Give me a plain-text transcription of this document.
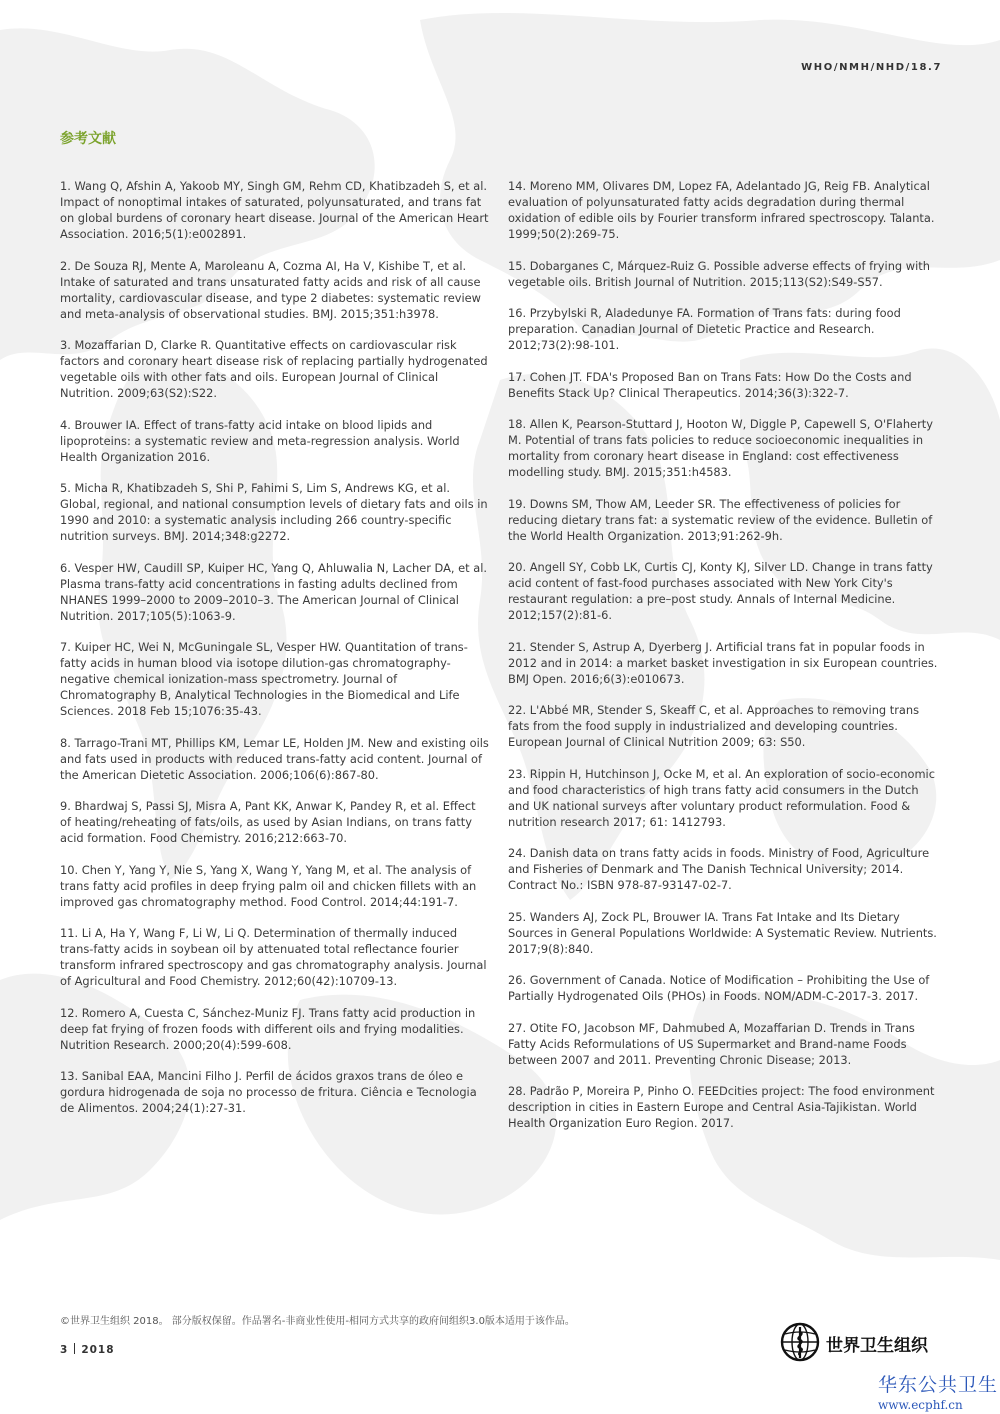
WHO/NMH/NHD/18.7
参考文献

1. Wang Q, Afshin A, Yakoob MY, Singh GM, Rehm CD, Khatibzadeh S, et al. Impact of nonoptimal intakes of saturated, polyunsaturated, and trans fat on global burdens of coronary heart disease. Journal of the American Heart Association. 2016;5(1):e002891.

2. De Souza RJ, Mente A, Maroleanu A, Cozma AI, Ha V, Kishibe T, et al. Intake of saturated and trans unsaturated fatty acids and risk of all cause mortality, cardiovascular disease, and type 2 diabetes: systematic review and meta-analysis of observational studies. BMJ. 2015;351:h3978.

3. Mozaffarian D, Clarke R. Quantitative effects on cardiovascular risk factors and coronary heart disease risk of replacing partially hydrogenated vegetable oils with other fats and oils. European Journal of Clinical Nutrition. 2009;63(S2):S22.

4. Brouwer IA. Effect of trans-fatty acid intake on blood lipids and lipoproteins: a systematic review and meta-regression analysis. World Health Organization 2016.

5. Micha R, Khatibzadeh S, Shi P, Fahimi S, Lim S, Andrews KG, et al. Global, regional, and national consumption levels of dietary fats and oils in 1990 and 2010: a systematic analysis including 266 country-specific nutrition surveys. BMJ. 2014;348:g2272.

6. Vesper HW, Caudill SP, Kuiper HC, Yang Q, Ahluwalia N, Lacher DA, et al. Plasma trans-fatty acid concentrations in fasting adults declined from NHANES 1999–2000 to 2009–2010–3. The American Journal of Clinical Nutrition. 2017;105(5):1063-9.

7. Kuiper HC, Wei N, McGuningale SL, Vesper HW. Quantitation of trans-fatty acids in human blood via isotope dilution-gas chromatography-negative chemical ionization-mass spectrometry. Journal of Chromatography B, Analytical Technologies in the Biomedical and Life Sciences. 2018 Feb 15;1076:35-43.

8. Tarrago-Trani MT, Phillips KM, Lemar LE, Holden JM. New and existing oils and fats used in products with reduced trans-fatty acid content. Journal of the American Dietetic Association. 2006;106(6):867-80.

9. Bhardwaj S, Passi SJ, Misra A, Pant KK, Anwar K, Pandey R, et al. Effect of heating/reheating of fats/oils, as used by Asian Indians, on trans fatty acid formation. Food Chemistry. 2016;212:663-70.

10. Chen Y, Yang Y, Nie S, Yang X, Wang Y, Yang M, et al. The analysis of trans fatty acid profiles in deep frying palm oil and chicken fillets with an improved gas chromatography method. Food Control. 2014;44:191-7.

11. Li A, Ha Y, Wang F, Li W, Li Q. Determination of thermally induced trans-fatty acids in soybean oil by attenuated total reflectance fourier transform infrared spectroscopy and gas chromatography analysis. Journal of Agricultural and Food Chemistry. 2012;60(42):10709-13.

12. Romero A, Cuesta C, Sánchez-Muniz FJ. Trans fatty acid production in deep fat frying of frozen foods with different oils and frying modalities. Nutrition Research. 2000;20(4):599-608.

13. Sanibal EAA, Mancini Filho J. Perfil de ácidos graxos trans de óleo e gordura hidrogenada de soja no processo de fritura. Ciência e Tecnologia de Alimentos. 2004;24(1):27-31.

14. Moreno MM, Olivares DM, Lopez FA, Adelantado JG, Reig FB. Analytical evaluation of polyunsaturated fatty acids degradation during thermal oxidation of edible oils by Fourier transform infrared spectroscopy. Talanta. 1999;50(2):269-75.

15. Dobarganes C, Márquez-Ruiz G. Possible adverse effects of frying with vegetable oils. British Journal of Nutrition. 2015;113(S2):S49-S57.

16. Przybylski R, Aladedunye FA. Formation of Trans fats: during food preparation. Canadian Journal of Dietetic Practice and Research. 2012;73(2):98-101.

17. Cohen JT. FDA's Proposed Ban on Trans Fats: How Do the Costs and Benefits Stack Up? Clinical Therapeutics. 2014;36(3):322-7.

18. Allen K, Pearson-Stuttard J, Hooton W, Diggle P, Capewell S, O'Flaherty M. Potential of trans fats policies to reduce socioeconomic inequalities in mortality from coronary heart disease in England: cost effectiveness modelling study. BMJ. 2015;351:h4583.

19. Downs SM, Thow AM, Leeder SR. The effectiveness of policies for reducing dietary trans fat: a systematic review of the evidence. Bulletin of the World Health Organization. 2013;91:262-9h.

20. Angell SY, Cobb LK, Curtis CJ, Konty KJ, Silver LD. Change in trans fatty acid content of fast-food purchases associated with New York City's restaurant regulation: a pre–post study. Annals of Internal Medicine. 2012;157(2):81-6.

21. Stender S, Astrup A, Dyerberg J. Artificial trans fat in popular foods in 2012 and in 2014: a market basket investigation in six European countries. BMJ Open. 2016;6(3):e010673.

22. L'Abbé MR, Stender S, Skeaff C, et al. Approaches to removing trans fats from the food supply in industrialized and developing countries. European Journal of Clinical Nutrition 2009; 63: S50.

23. Rippin H, Hutchinson J, Ocke M, et al. An exploration of socio-economic and food characteristics of high trans fatty acid consumers in the Dutch and UK national surveys after voluntary product reformulation. Food & nutrition research 2017; 61: 1412793.

24. Danish data on trans fatty acids in foods. Ministry of Food, Agriculture and Fisheries of Denmark and The Danish Technical University; 2014. Contract No.: ISBN 978-87-93147-02-7.

25. Wanders AJ, Zock PL, Brouwer IA. Trans Fat Intake and Its Dietary Sources in General Populations Worldwide: A Systematic Review. Nutrients. 2017;9(8):840.

26. Government of Canada. Notice of Modification – Prohibiting the Use of Partially Hydrogenated Oils (PHOs) in Foods. NOM/ADM-C-2017-3. 2017.

27. Otite FO, Jacobson MF, Dahmubed A, Mozaffarian D. Trends in Trans Fatty Acids Reformulations of US Supermarket and Brand-name Foods between 2007 and 2011. Preventing Chronic Disease; 2013.

28. Padrão P, Moreira P, Pinho O. FEEDcities project: The food environment description in cities in Eastern Europe and Central Asia-Tajikistan. World Health Organization Euro Region. 2017.

©世界卫生组织 2018。 部分版权保留。作品署名-非商业性使用-相同方式共享的政府间组织3.0版本适用于该作品。
3 2018	世界卫生组织
华东公共卫生
www.ecphf.cn
